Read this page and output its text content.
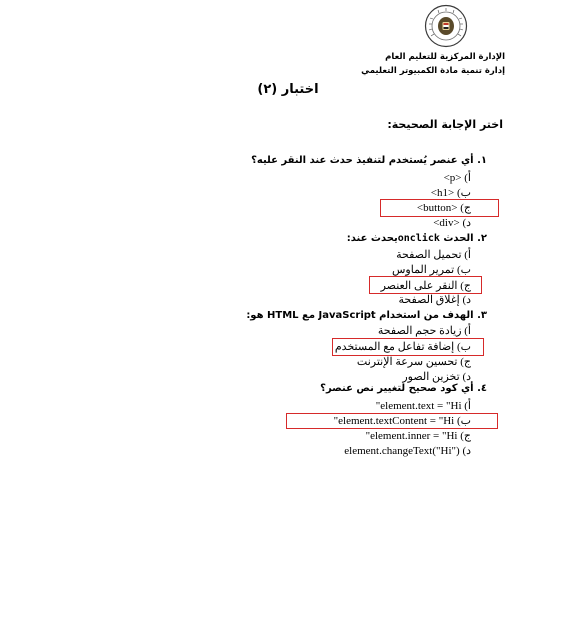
الإدارة المركزية للتعليم العام
إدارة تنمية مادة الكمبيوتر التعليمي
اختبار (٢)
اختر الإجابة الصحيحة:
١. أي عنصر يُستخدم لتنفيذ حدث عند النقر عليه؟
أ) <p>
ب) <h1>
ج) <button>
د) <div>
٢. الحدث onclickيحدث عند:
أ) تحميل الصفحة
ب) تمرير الماوس
ج) النقر على العنصر
د) إغلاق الصفحة
٣. الهدف من استخدام JavaScript مع HTML هو:
أ) زيادة حجم الصفحة
ب) إضافة تفاعل مع المستخدم
ج) تحسين سرعة الإنترنت
د) تخزين الصور
٤. أي كود صحيح لتغيير نص عنصر؟
أ) element.text = "Hi"
ب) element.textContent = "Hi"
ج) element.inner = "Hi"
د) element.changeText("Hi")
